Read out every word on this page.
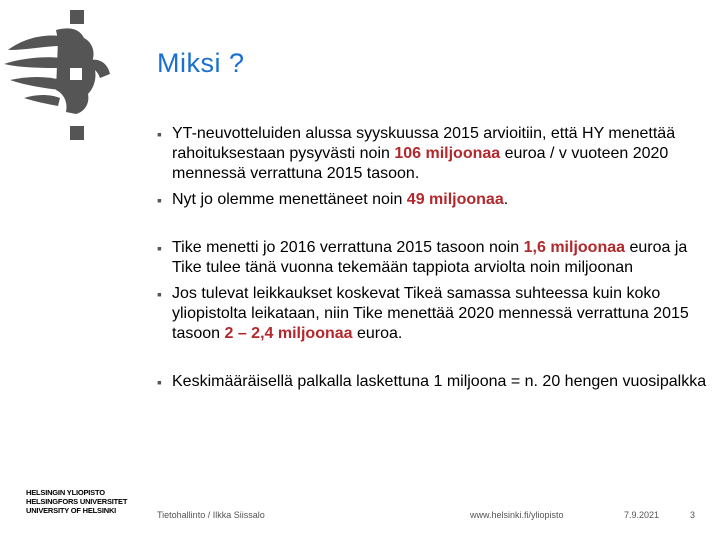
Miksi ?
▪ YT-neuvotteluiden alussa syyskuussa 2015 arvioitiin, että HY menettää rahoituksestaan pysyvästi noin 106 miljoonaa euroa / v vuoteen 2020 mennessä verrattuna 2015 tasoon.
▪ Nyt jo olemme menettäneet noin 49 miljoonaa.
▪ Tike menetti jo 2016 verrattuna 2015 tasoon noin 1,6 miljoonaa euroa ja Tike tulee tänä vuonna tekemään tappiota arviolta noin miljoonan
▪ Jos tulevat leikkaukset koskevat Tikeä samassa suhteessa kuin koko yliopistolta leikataan, niin Tike menettää 2020 mennessä verrattuna 2015 tasoon 2 – 2,4 miljoonaa euroa.
▪ Keskimääräisellä palkalla laskettuna 1 miljoona = n. 20 hengen vuosipalkka
HELSINGIN YLIOPISTO
HELSINGFORS UNIVERSITET
UNIVERSITY OF HELSINKI	Tietohallinto / Ilkka Siissalo	www.helsinki.fi/yliopisto	7.9.2021	3
